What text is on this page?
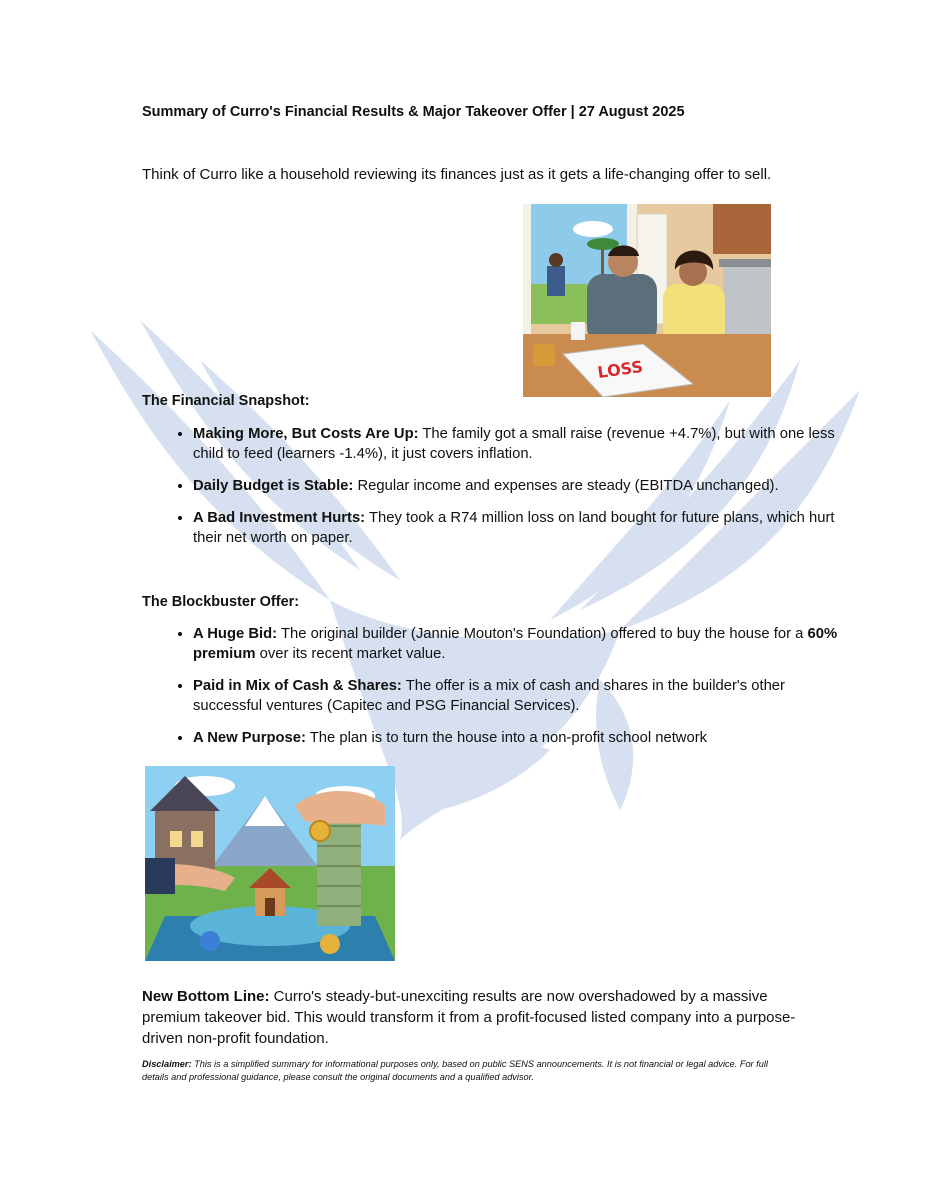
Summary of Curro's Financial Results & Major Takeover Offer | 27 August 2025
Think of Curro like a household reviewing its finances just as it gets a life-changing offer to sell.
LOSS
The Financial Snapshot:
• Making More, But Costs Are Up: The family got a small raise (revenue +4.7%), but with one less child to feed (learners -1.4%), it just covers inflation.
• Daily Budget is Stable: Regular income and expenses are steady (EBITDA unchanged).
• A Bad Investment Hurts: They took a R74 million loss on land bought for future plans, which hurt their net worth on paper.
The Blockbuster Offer:
• A Huge Bid: The original builder (Jannie Mouton's Foundation) offered to buy the house for a 60% premium over its recent market value.
• Paid in Mix of Cash & Shares: The offer is a mix of cash and shares in the builder's other successful ventures (Capitec and PSG Financial Services).
• A New Purpose: The plan is to turn the house into a non-profit school network
New Bottom Line: Curro's steady-but-unexciting results are now overshadowed by a massive premium takeover bid. This would transform it from a profit-focused listed company into a purpose-driven non-profit foundation.
Disclaimer: This is a simplified summary for informational purposes only, based on public SENS announcements. It is not financial or legal advice. For full details and professional guidance, please consult the original documents and a qualified advisor.
